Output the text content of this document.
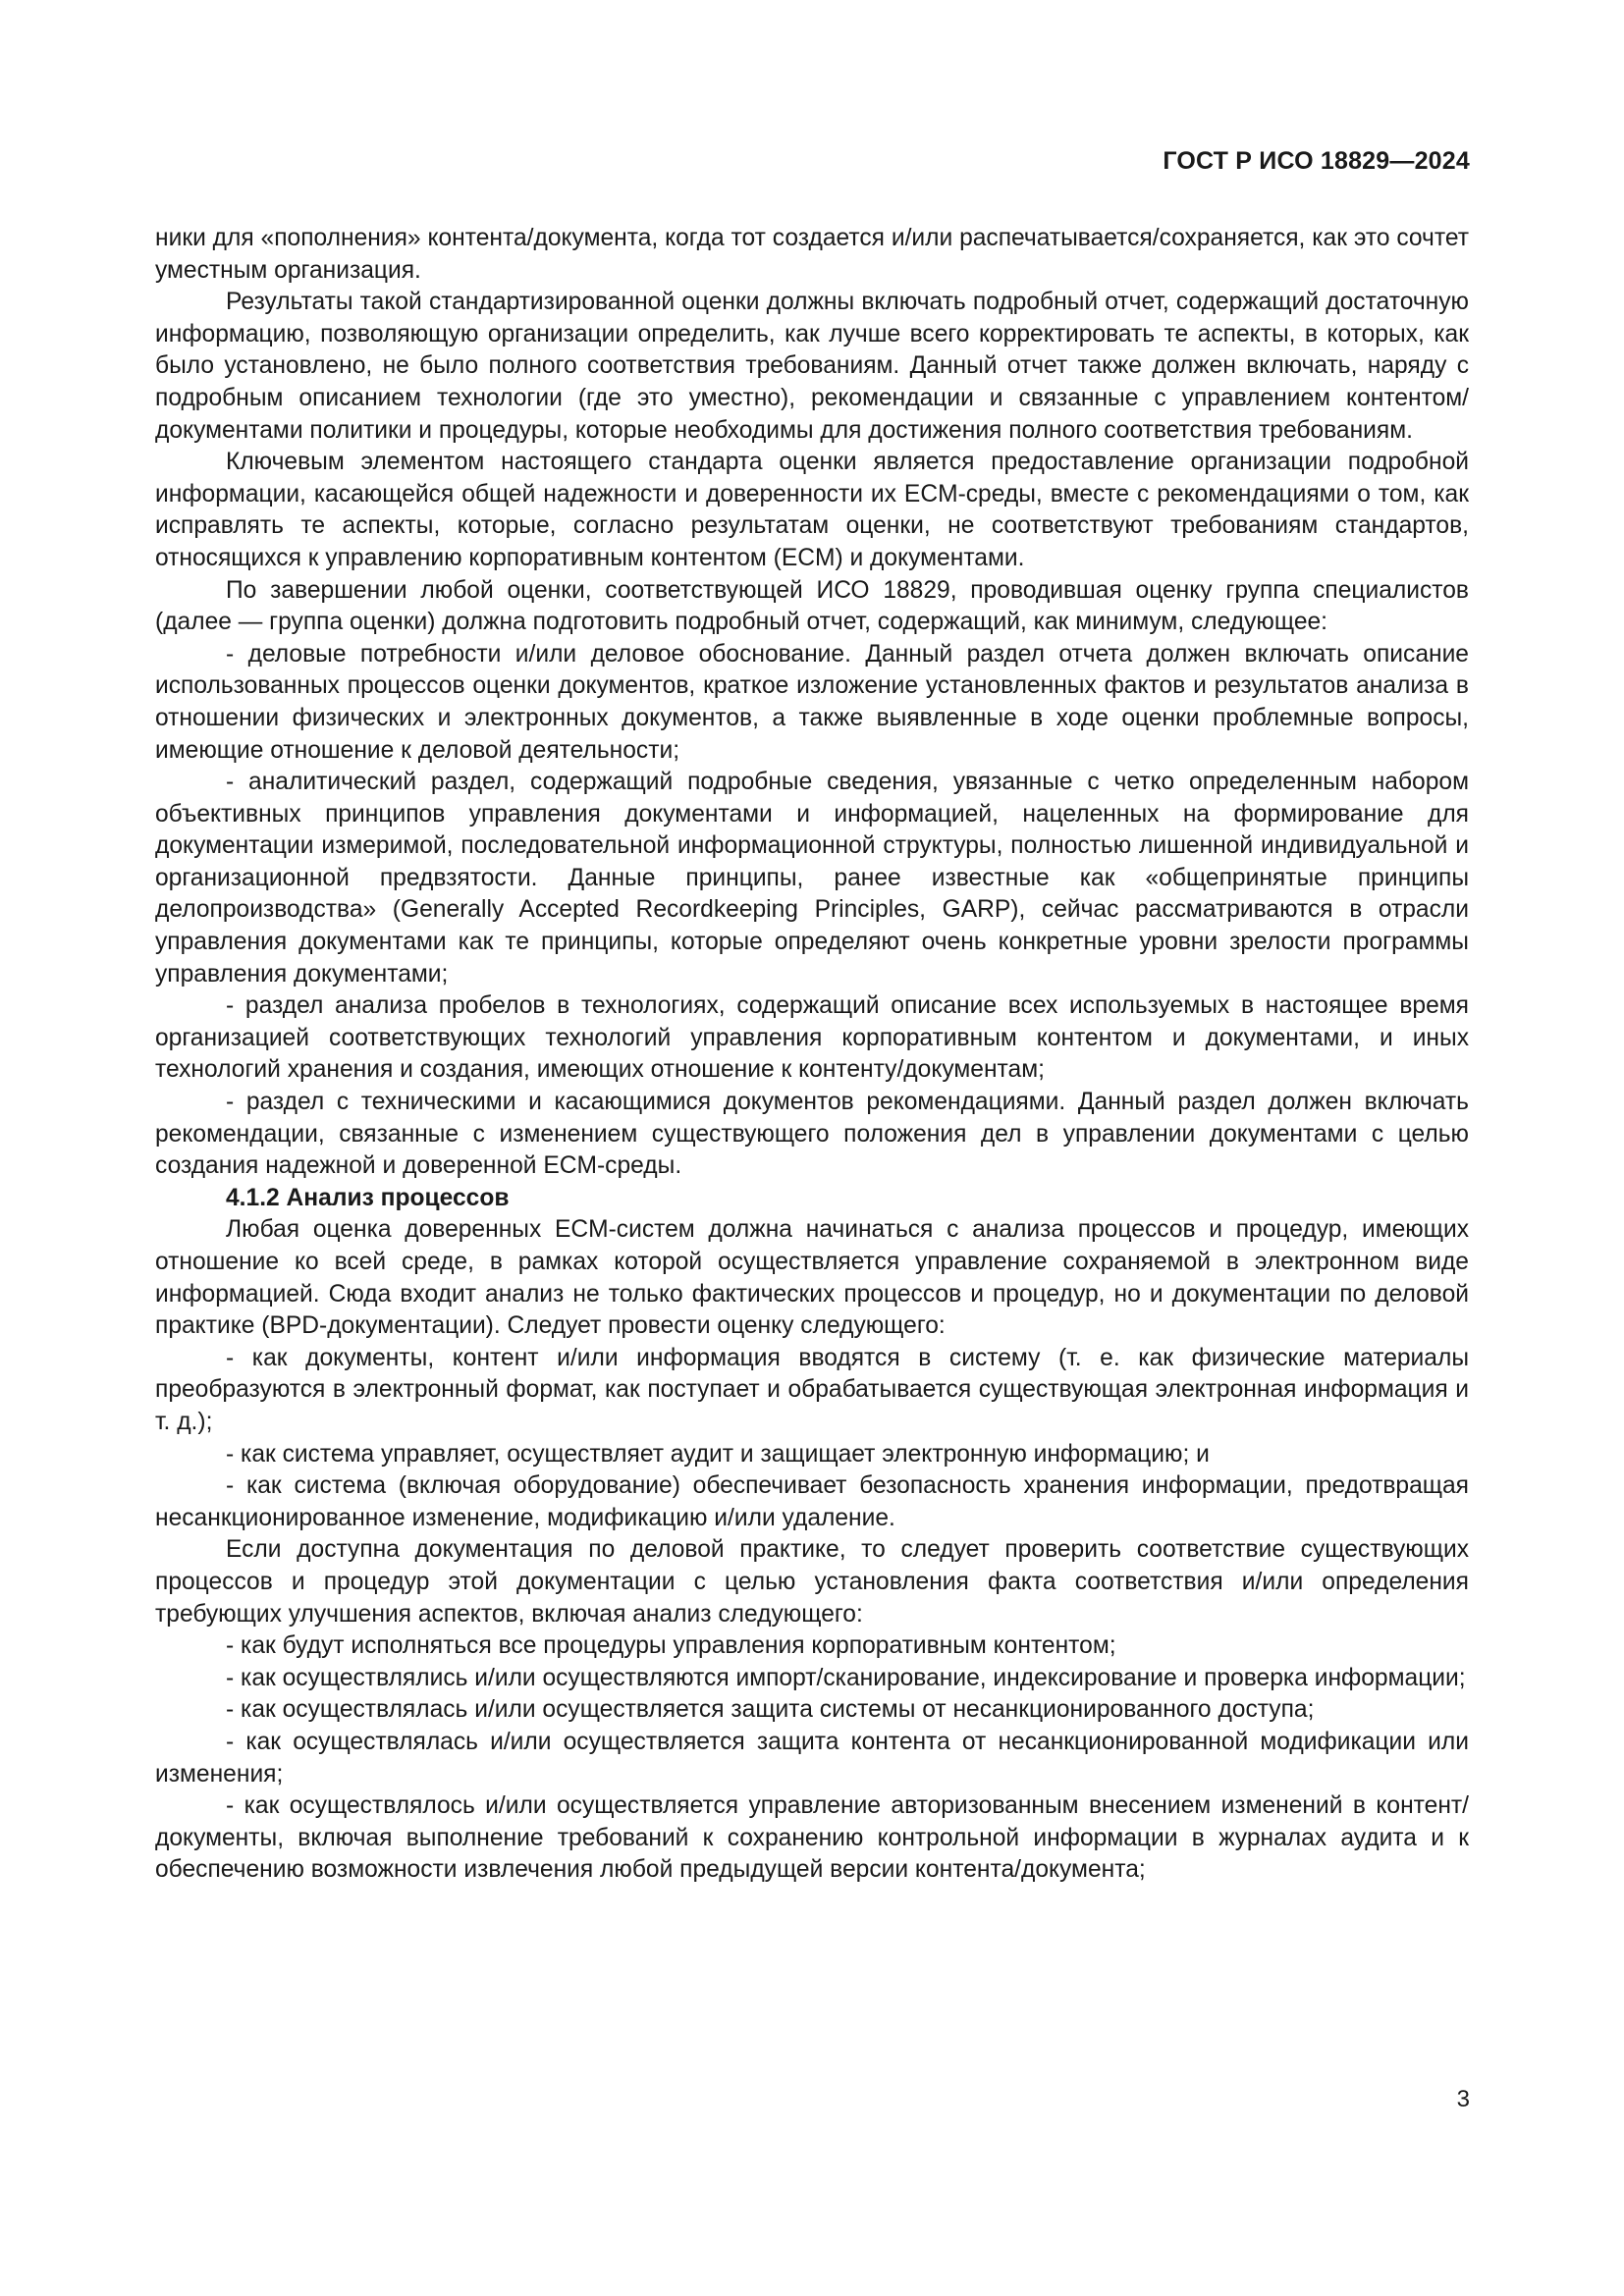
ГОСТ Р ИСО 18829—2024

ники для «пополнения» контента/документа, когда тот создается и/или распечатывается/сохраняется, как это сочтет уместным организация.

Результаты такой стандартизированной оценки должны включать подробный отчет, содержащий достаточную информацию, позволяющую организации определить, как лучше всего корректировать те аспекты, в которых, как было установлено, не было полного соответствия требованиям. Данный отчет также должен включать, наряду с подробным описанием технологии (где это уместно), рекомендации и связанные с управлением контентом/документами политики и процедуры, которые необходимы для достижения полного соответствия требованиям.

Ключевым элементом настоящего стандарта оценки является предоставление организации подробной информации, касающейся общей надежности и доверенности их ECM-среды, вместе с рекомендациями о том, как исправлять те аспекты, которые, согласно результатам оценки, не соответствуют требованиям стандартов, относящихся к управлению корпоративным контентом (ECM) и документами.

По завершении любой оценки, соответствующей ИСО 18829, проводившая оценку группа специалистов (далее — группа оценки) должна подготовить подробный отчет, содержащий, как минимум, следующее:

- деловые потребности и/или деловое обоснование. Данный раздел отчета должен включать описание использованных процессов оценки документов, краткое изложение установленных фактов и результатов анализа в отношении физических и электронных документов, а также выявленные в ходе оценки проблемные вопросы, имеющие отношение к деловой деятельности;

- аналитический раздел, содержащий подробные сведения, увязанные с четко определенным набором объективных принципов управления документами и информацией, нацеленных на формирование для документации измеримой, последовательной информационной структуры, полностью лишенной индивидуальной и организационной предвзятости. Данные принципы, ранее известные как «общепринятые принципы делопроизводства» (Generally Accepted Recordkeeping Principles, GARP), сейчас рассматриваются в отрасли управления документами как те принципы, которые определяют очень конкретные уровни зрелости программы управления документами;

- раздел анализа пробелов в технологиях, содержащий описание всех используемых в настоящее время организацией соответствующих технологий управления корпоративным контентом и документами, и иных технологий хранения и создания, имеющих отношение к контенту/документам;

- раздел с техническими и касающимися документов рекомендациями. Данный раздел должен включать рекомендации, связанные с изменением существующего положения дел в управлении документами с целью создания надежной и доверенной ECM-среды.

4.1.2 Анализ процессов

Любая оценка доверенных ECM-систем должна начинаться с анализа процессов и процедур, имеющих отношение ко всей среде, в рамках которой осуществляется управление сохраняемой в электронном виде информацией. Сюда входит анализ не только фактических процессов и процедур, но и документации по деловой практике (BPD-документации). Следует провести оценку следующего:

- как документы, контент и/или информация вводятся в систему (т. е. как физические материалы преобразуются в электронный формат, как поступает и обрабатывается существующая электронная информация и т. д.);

- как система управляет, осуществляет аудит и защищает электронную информацию; и

- как система (включая оборудование) обеспечивает безопасность хранения информации, предотвращая несанкционированное изменение, модификацию и/или удаление.

Если доступна документация по деловой практике, то следует проверить соответствие существующих процессов и процедур этой документации с целью установления факта соответствия и/или определения требующих улучшения аспектов, включая анализ следующего:

- как будут исполняться все процедуры управления корпоративным контентом;

- как осуществлялись и/или осуществляются импорт/сканирование, индексирование и проверка информации;

- как осуществлялась и/или осуществляется защита системы от несанкционированного доступа;

- как осуществлялась и/или осуществляется защита контента от несанкционированной модификации или изменения;

- как осуществлялось и/или осуществляется управление авторизованным внесением изменений в контент/документы, включая выполнение требований к сохранению контрольной информации в журналах аудита и к обеспечению возможности извлечения любой предыдущей версии контента/документа;

3
